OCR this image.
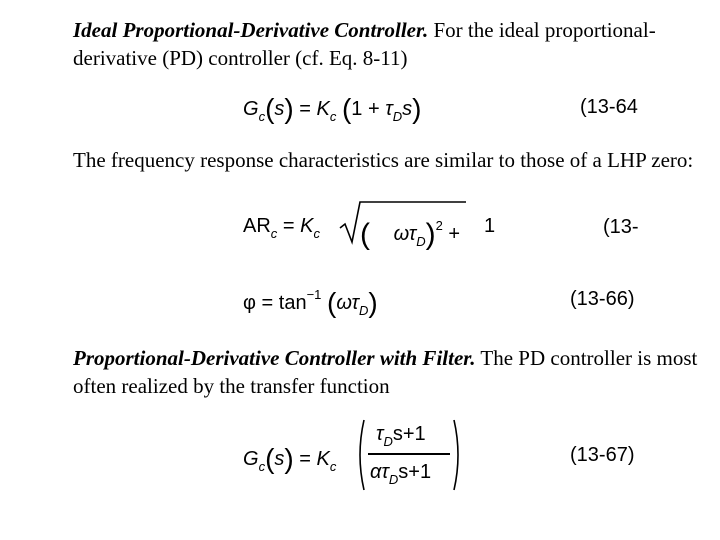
Ideal Proportional-Derivative Controller. For the ideal proportional-derivative (PD) controller (cf. Eq. 8-11)
$G_c(s) = K_c$ $(1 + \tau_Ds)$	(13-64
The frequency response characteristics are similar to those of a LHP zero:
$AR_c = K_c$ ( $\omega\tau_D)^2 + 1$	(13-
$\varphi = \tan^{-1} (\omega\tau_D)$	(13-66)
Proportional-Derivative Controller with Filter. The PD controller is most often realized by the transfer function
$G_c(s) = K_c$
$\tau_Ds+1$
$\alpha\tau_Ds+1$
(13-67)
